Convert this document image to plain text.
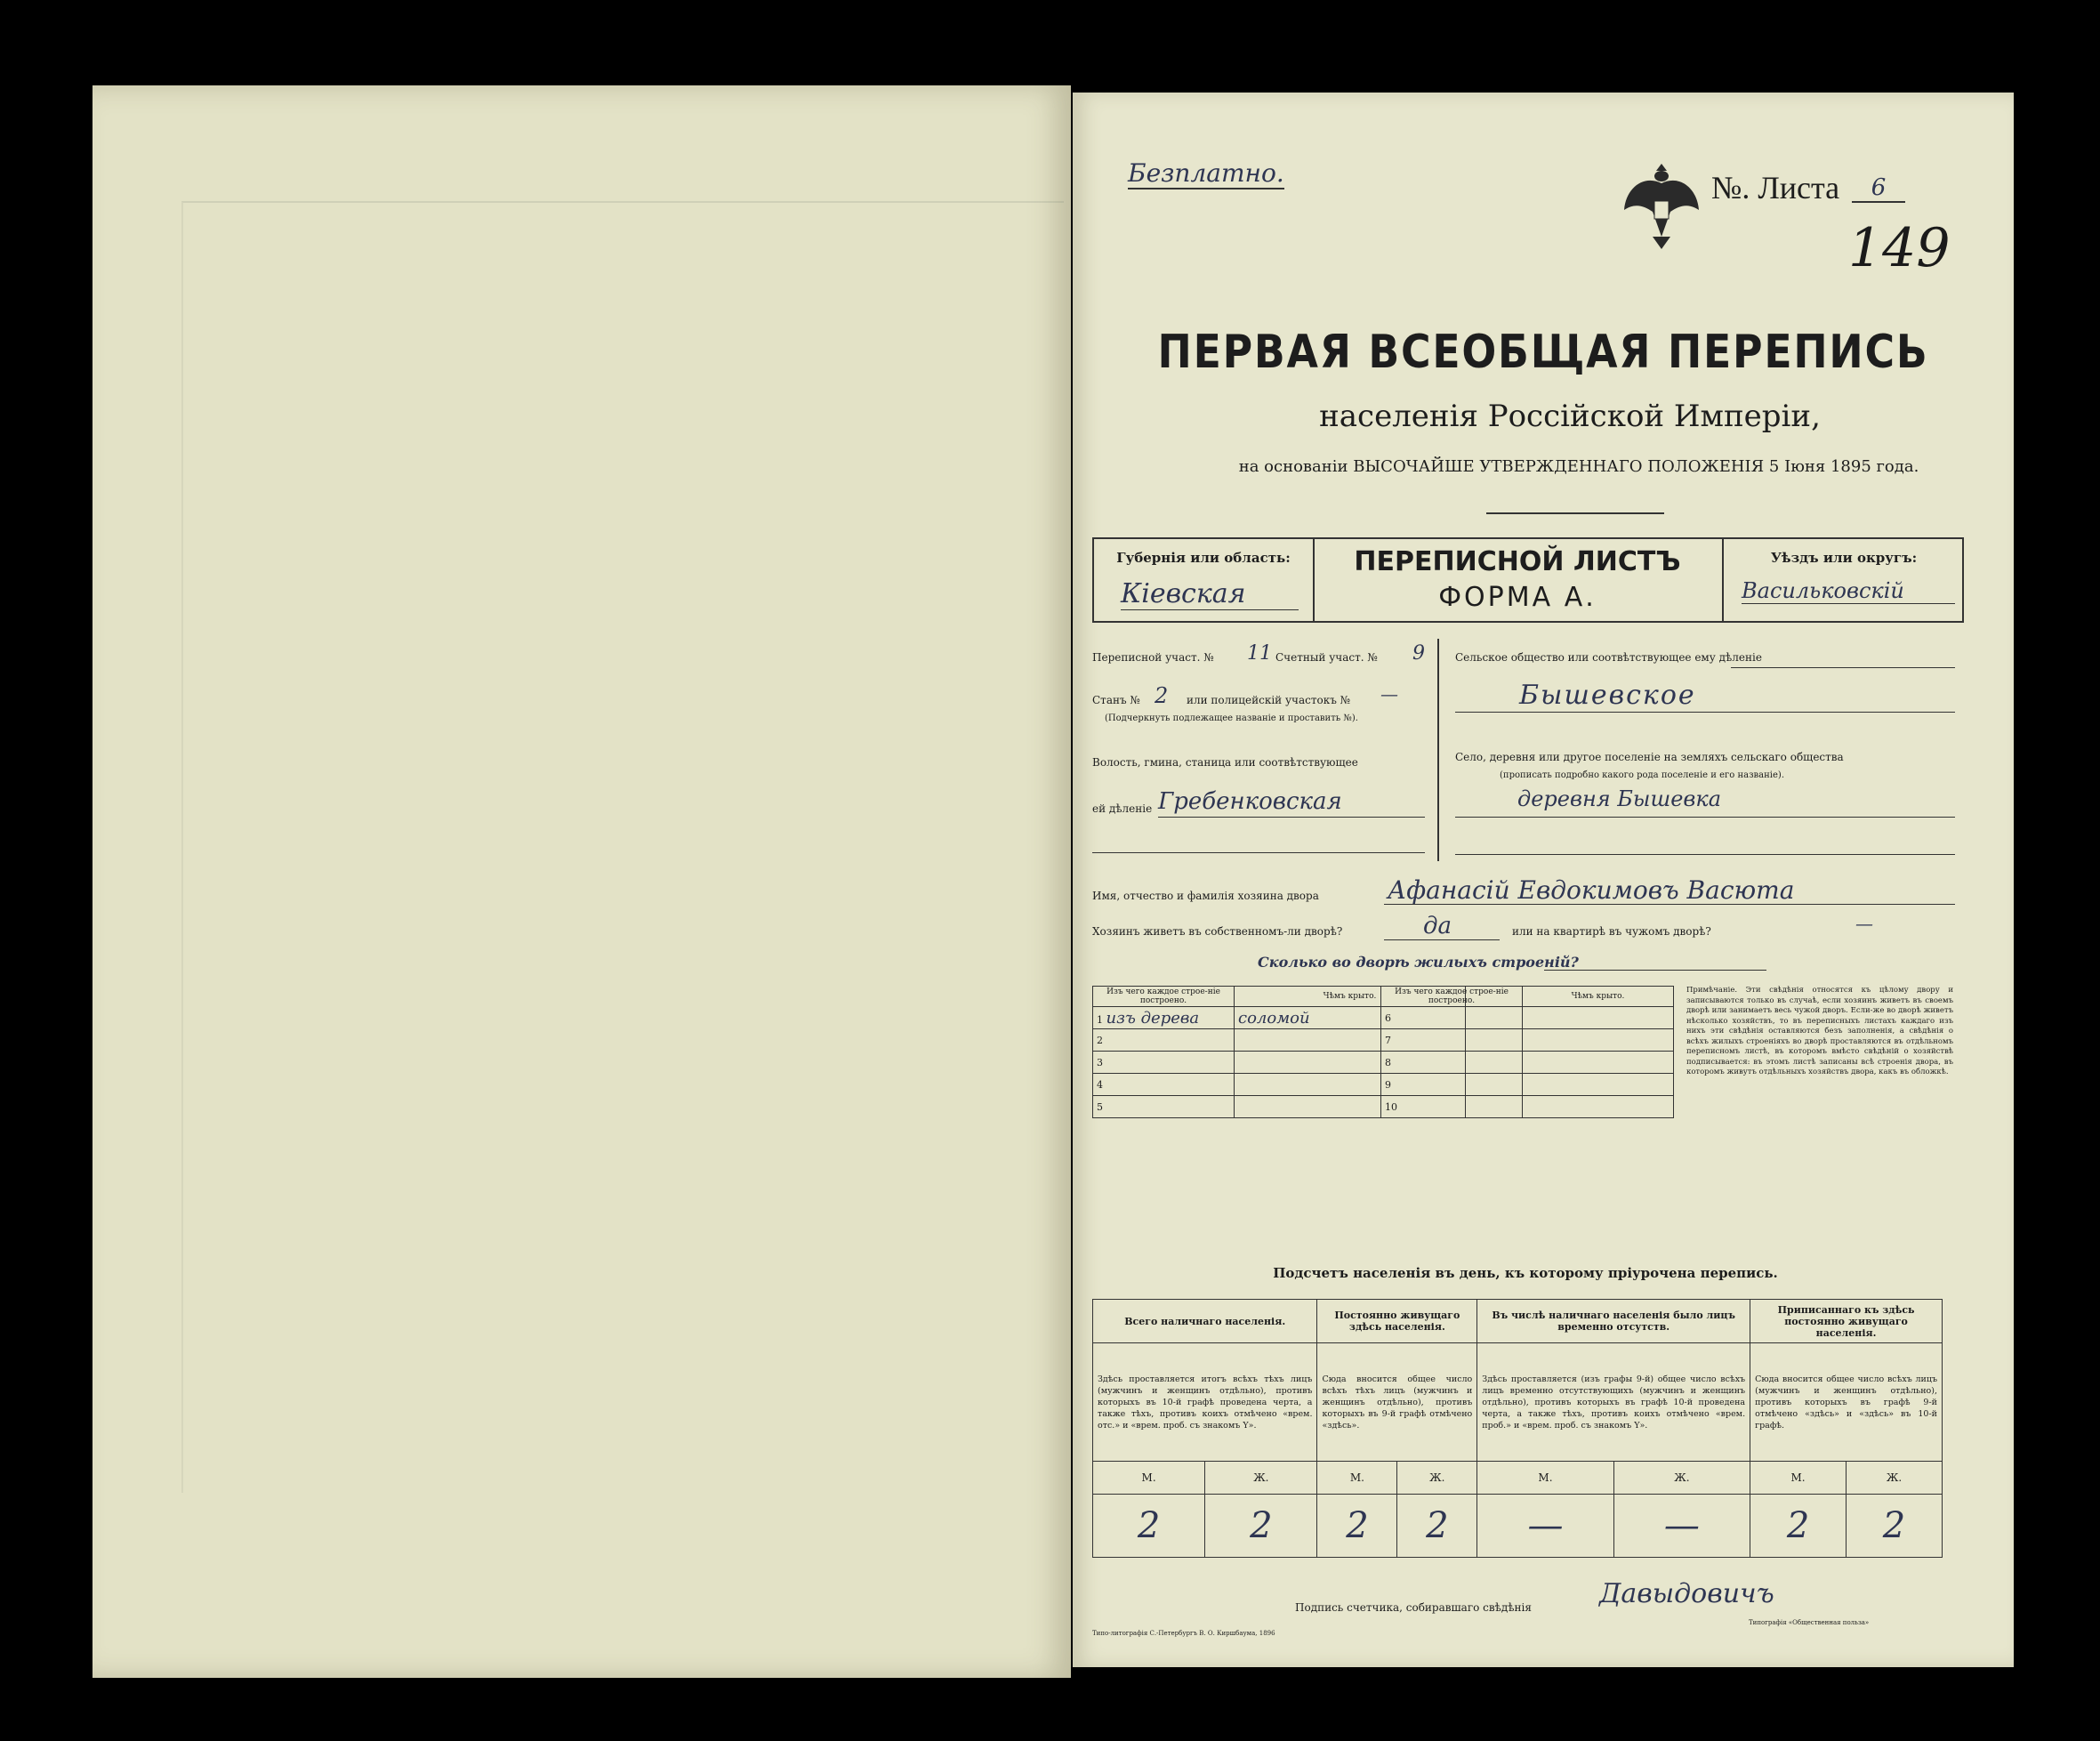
Безплатно.	№. Листа	6
149
ПЕРВАЯ ВСЕОБЩАЯ ПЕРЕПИСЬ
населенія Россійской Имперіи,
на основаніи ВЫСОЧАЙШЕ УТВЕРЖДЕННАГО ПОЛОЖЕНІЯ 5 Іюня 1895 года.
Губернія или область:
Кіевская
ПЕРЕПИСНОЙ ЛИСТЪ
ФОРМА А.
Уѣздъ или округъ:
Васильковскій
Переписной участ. № 11 Счетный участ. № 9
Станъ № 2 или полицейскій участокъ № —
(Подчеркнуть подлежащее названіе и проставить №).
Волость, гмина, станица или соотвѣтствующее
ей дѣленіе Гребенковская
Сельское общество или соотвѣтствующее ему дѣленіе
Бышевское
Село, деревня или другое поселеніе на земляхъ сельскаго общества
(прописать подробно какого рода поселеніе и его названіе).
деревня Бышевка
Имя, отчество и фамилія хозяина двора	Афанасій Евдокимовъ Васюта
Хозяинъ живетъ въ собственномъ-ли дворѣ?	да	или на квартирѣ въ чужомъ дворѣ?	—
Сколько во дворѣ жилыхъ строеній?
Изъ чего каждое строе-ніе построено.	Чѣмъ крыто.
1 изъ дерева	соломой
2	
3	
4	
5	
Изъ чего каждое строе-ніе построено.	Чѣмъ крыто.
6	
7	
8	
9	
10	
Примѣчаніе. Эти свѣдѣнія относятся къ цѣлому двору и записываются только въ случаѣ, если хозяинъ живетъ въ своемъ дворѣ или занимаетъ весь чужой дворъ. Если-же во дворѣ живетъ нѣсколько хозяйствъ, то въ переписныхъ листахъ каждаго изъ нихъ эти свѣдѣнія оставляются безъ заполненія, а свѣдѣнія о всѣхъ жилыхъ строеніяхъ во дворѣ проставляются въ отдѣльномъ переписномъ листѣ, въ которомъ вмѣсто свѣдѣній о хозяйствѣ подписывается: въ этомъ листѣ записаны всѣ строенія двора, въ которомъ живутъ отдѣльныхъ хозяйствъ двора, какъ въ обложкѣ.
Подсчетъ населенія въ день, къ которому пріурочена перепись.
Всего наличнаго населенія.		Постоянно живущаго здѣсь населенія.		Въ числѣ наличнаго населенія было лицъ временно отсутств.		Приписаннаго къ здѣсь постоянно живущаго населенія.	
Здѣсь проставляется итогъ всѣхъ тѣхъ лицъ (мужчинъ и женщинъ отдѣльно), противъ которыхъ въ 10-й графѣ проведена черта, а также тѣхъ, противъ коихъ отмѣчено «врем. отс.» и «врем. проб. съ знакомъ Y».		Сюда вносится общее число всѣхъ тѣхъ лицъ (мужчинъ и женщинъ отдѣльно), противъ которыхъ въ 9-й графѣ отмѣчено «здѣсь».		Здѣсь проставляется (изъ графы 9-й) общее число всѣхъ лицъ временно отсутствующихъ (мужчинъ и женщинъ отдѣльно), противъ которыхъ въ графѣ 10-й проведена черта, а также тѣхъ, противъ коихъ отмѣчено «врем. проб.» и «врем. проб. съ знакомъ Y».		Сюда вносится общее число всѣхъ лицъ (мужчинъ и женщинъ отдѣльно), противъ которыхъ въ графѣ 9-й отмѣчено «здѣсь» и «здѣсь» въ 10-й графѣ.	
М.	Ж.	М.	Ж.	М.	Ж.	М.	Ж.
2	2	2	2	—	—	2	2
Подпись счетчика, собиравшаго свѣдѣнія	Давыдовичъ
Типо-литографія С.-Петербургъ В. О. Киршбаума, 1896
Типографія «Общественная польза»
